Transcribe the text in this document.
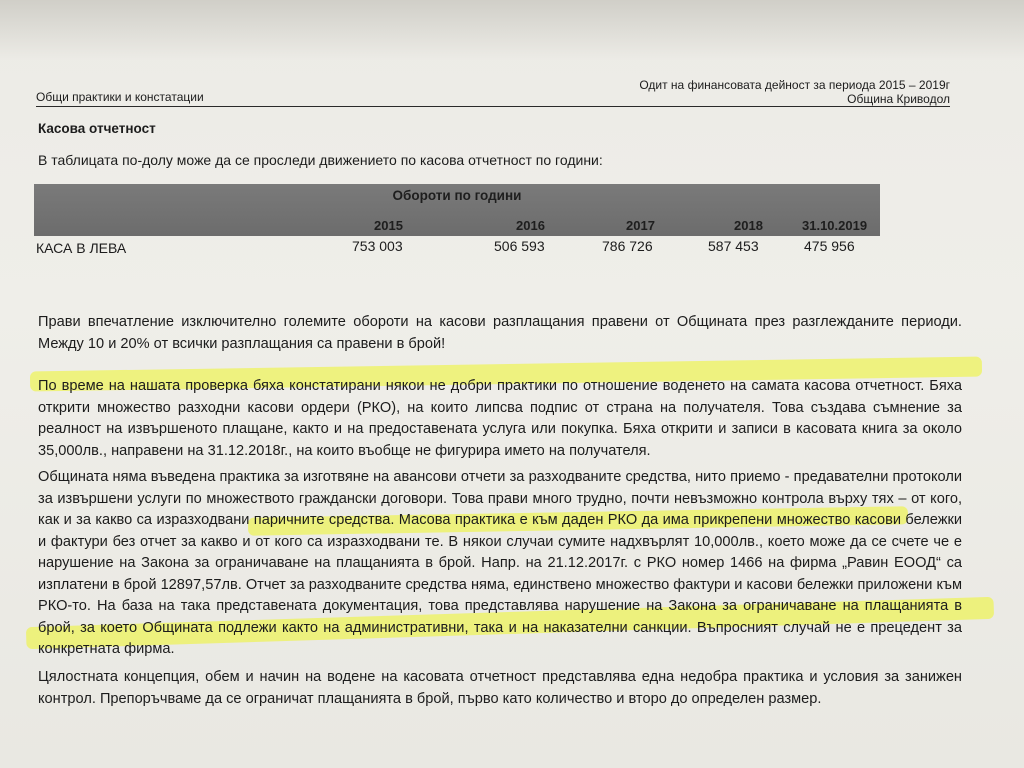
Одит на финансовата дейност за периода 2015 – 2019г
Община Криводол
Общи практики и констатации
Касова отчетност
В таблицата по-долу може да се проследи движението по касова отчетност по години:
Обороти по години
2015	2016	2017	2018	31.10.2019
КАСА В ЛЕВА	753 003	506 593	786 726	587 453	475 956
Прави впечатление изключително големите обороти на касови разплащания правени от Общината през разглежданите периоди. Между 10 и 20% от всички разплащания са правени в брой!
По време на нашата проверка бяха констатирани някои не добри практики по отношение воденето на самата касова отчетност. Бяха открити множество разходни касови ордери (РКО), на които липсва подпис от страна на получателя. Това създава съмнение за реалност на извършеното плащане, както и на предоставената услуга или покупка. Бяха открити и записи в касовата книга за около 35,000лв., направени на 31.12.2018г., на които въобще не фигурира името на получателя.
Общината няма въведена практика за изготвяне на авансови отчети за разходваните средства, нито приемо - предавателни протоколи за извършени услуги по множеството граждански договори. Това прави много трудно, почти невъзможно контрола върху тях – от кого, как и за какво са изразходвани паричните средства. Масова практика е към даден РКО да има прикрепени множество касови бележки и фактури без отчет за какво и от кого са изразходвани те. В някои случаи сумите надхвърлят 10,000лв., което може да се счете че е нарушение на Закона за ограничаване на плащанията в брой. Напр. на 21.12.2017г. с РКО номер 1466 на фирма „Равин ЕООД“ са изплатени в брой 12897,57лв. Отчет за разходваните средства няма, единствено множество фактури и касови бележки приложени към РКО-то. На база на така представената документация, това представлява нарушение на Закона за ограничаване на плащанията в брой, за което Общината подлежи както на административни, така и на наказателни санкции. Въпросният случай не е прецедент за конкретната фирма.
Цялостната концепция, обем и начин на водене на касовата отчетност представлява една недобра практика и условия за занижен контрол. Препоръчваме да се ограничат плащанията в брой, първо като количество и второ до определен размер.
